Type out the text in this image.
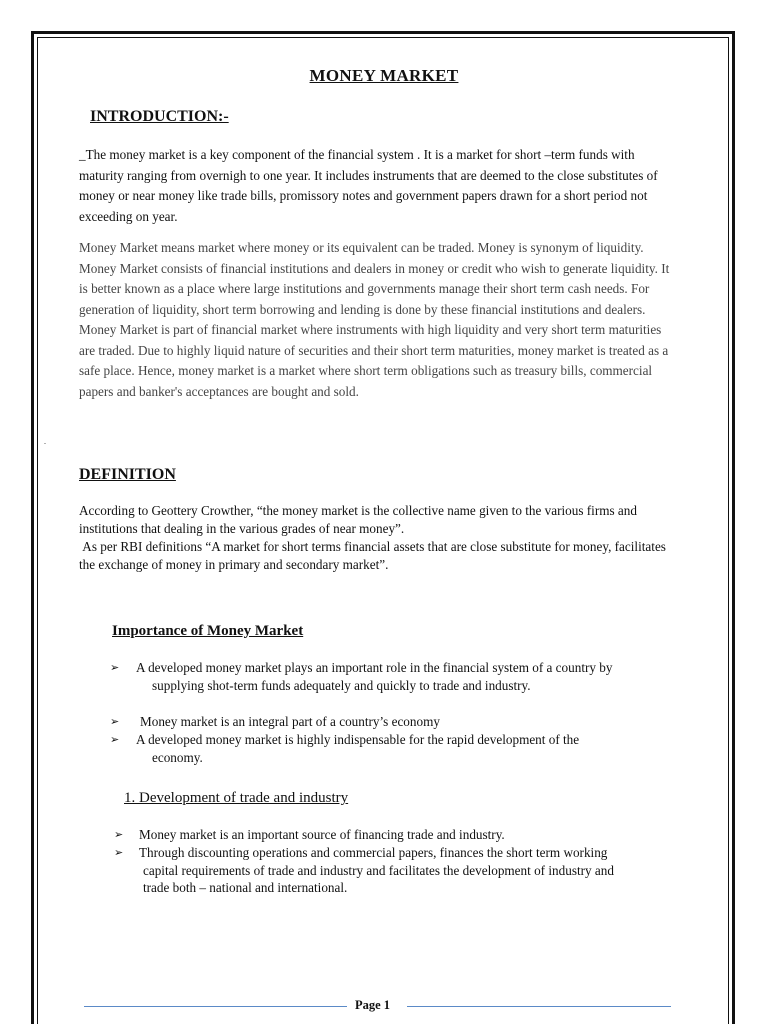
MONEY MARKET
INTRODUCTION:-

_The money market is a key component of the financial system . It is a market for short –term funds with maturity ranging from overnigh to one year. It includes instruments that are deemed to the close substitutes of money or near money like trade bills, promissory notes and government papers drawn for a short period not exceeding on year.

Money Market means market where money or its equivalent can be traded. Money is synonym of liquidity. Money Market consists of financial institutions and dealers in money or credit who wish to generate liquidity. It is better known as a place where large institutions and governments manage their short term cash needs. For generation of liquidity, short term borrowing and lending is done by these financial institutions and dealers. Money Market is part of financial market where instruments with high liquidity and very short term maturities are traded. Due to highly liquid nature of securities and their short term maturities, money market is treated as a safe place. Hence, money market is a market where short term obligations such as treasury bills, commercial papers and banker's acceptances are bought and sold.

.
DEFINITION

According to Geottery Crowther, “the money market is the collective name given to the various firms and institutions that dealing in the various grades of near money”.

As per RBI definitions “A market for short terms financial assets that are close substitute for money, facilitates the exchange of money in primary and secondary market”.

Importance of Money Market
➢ A developed money market plays an important role in the financial system of a country by supplying shot-term funds adequately and quickly to trade and industry.
➢ Money market is an integral part of a country’s economy
➢ A developed money market is highly indispensable for the rapid development of the economy.
1. Development of trade and industry
➢ Money market is an important source of financing trade and industry.
➢ Through discounting operations and commercial papers, finances the short term working capital requirements of trade and industry and facilitates the development of industry and trade both – national and international.
Page 1
